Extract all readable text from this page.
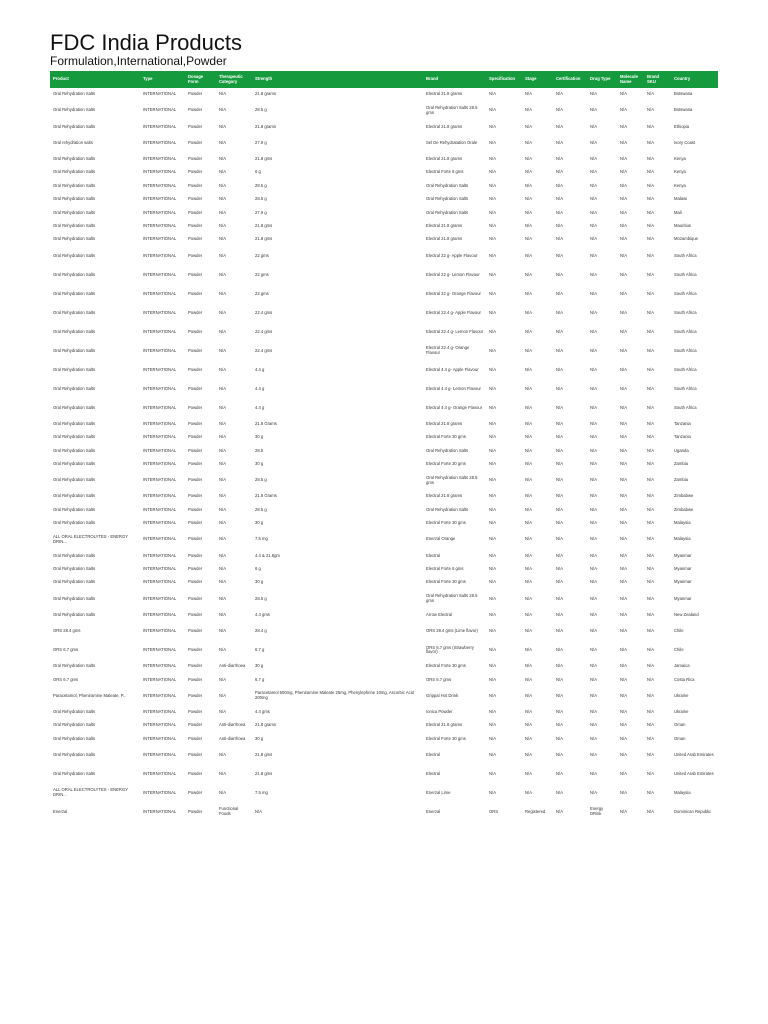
FDC India Products
Formulation,International,Powder
Product	Type	Dosage Form	Therapeutic Category	Strength	Brand	Specification	Stage	Certification	Drug Type	Molecule Name	Brand SKU	Country
Oral Rehydration Salts	INTERNATIONAL	Powder	N/A	21.8 grams	Electral 21.8 grams	N/A	N/A	N/A	N/A	N/A	N/A	Botswana
Oral Rehydration Salts	INTERNATIONAL	Powder	N/A	28.5 g	Oral Rehydration Salts 28.5 gms	N/A	N/A	N/A	N/A	N/A	N/A	Botswana
Oral Rehydration Salts	INTERNATIONAL	Powder	N/A	21.8 grams	Electral 21.8 grams	N/A	N/A	N/A	N/A	N/A	N/A	Ethiopia
Oral rehydration salts	INTERNATIONAL	Powder	N/A	27.9 g	Sel De Rehydratation Orale	N/A	N/A	N/A	N/A	N/A	N/A	Ivory Coast
Oral Rehydration Salts	INTERNATIONAL	Powder	N/A	21.8 gms	Electral 21.8 grams	N/A	N/A	N/A	N/A	N/A	N/A	Kenya
Oral Rehydration Salts	INTERNATIONAL	Powder	N/A	6 g	Electral Forte 6 gms	N/A	N/A	N/A	N/A	N/A	N/A	Kenya
Oral Rehydration Salts	INTERNATIONAL	Powder	N/A	28.5 g	Oral Rehydration Salts	N/A	N/A	N/A	N/A	N/A	N/A	Kenya
Oral Rehydration Salts	INTERNATIONAL	Powder	N/A	28.5 g	Oral Rehydration Salts	N/A	N/A	N/A	N/A	N/A	N/A	Malawi
Oral Rehydration Salts	INTERNATIONAL	Powder	N/A	27.9 g	Oral Rehydration Salts	N/A	N/A	N/A	N/A	N/A	N/A	Mali
Oral Rehydration Salts	INTERNATIONAL	Powder	N/A	21.8 gms	Electral 21.8 grams	N/A	N/A	N/A	N/A	N/A	N/A	Mauritius
Oral Rehydration Salts	INTERNATIONAL	Powder	N/A	21.8 gms	Electral 21.8 grams	N/A	N/A	N/A	N/A	N/A	N/A	Mozambique
Oral Rehydration Salts	INTERNATIONAL	Powder	N/A	22 gms	Electral 22 g- Apple Flavour	N/A	N/A	N/A	N/A	N/A	N/A	South Africa
Oral Rehydration Salts	INTERNATIONAL	Powder	N/A	22 gms	Electral 22 g- Lemon Flavour	N/A	N/A	N/A	N/A	N/A	N/A	South Africa
Oral Rehydration Salts	INTERNATIONAL	Powder	N/A	22 gms	Electral 22 g- Orange Flavour	N/A	N/A	N/A	N/A	N/A	N/A	South Africa
Oral Rehydration Salts	INTERNATIONAL	Powder	N/A	22.4 gms	Electral 22.4 g- Apple Flavour	N/A	N/A	N/A	N/A	N/A	N/A	South Africa
Oral Rehydration Salts	INTERNATIONAL	Powder	N/A	22.4 gms	Electral 22.4 g- Lemon Flavour	N/A	N/A	N/A	N/A	N/A	N/A	South Africa
Oral Rehydration Salts	INTERNATIONAL	Powder	N/A	22.4 gms	Electral 22.4 g- Orange Flavour	N/A	N/A	N/A	N/A	N/A	N/A	South Africa
Oral Rehydration Salts	INTERNATIONAL	Powder	N/A	4.4 g	Electral 4.4 g- Apple Flavour	N/A	N/A	N/A	N/A	N/A	N/A	South Africa
Oral Rehydration Salts	INTERNATIONAL	Powder	N/A	4.4 g	Electral 4.4 g- Lemon Flavour	N/A	N/A	N/A	N/A	N/A	N/A	South Africa
Oral Rehydration Salts	INTERNATIONAL	Powder	N/A	4.4 g	Electral 4.4 g- Orange Flavour	N/A	N/A	N/A	N/A	N/A	N/A	South Africa
Oral Rehydration Salts	INTERNATIONAL	Powder	N/A	21.8 Grams	Electral 21.8 grams	N/A	N/A	N/A	N/A	N/A	N/A	Tanzania
Oral Rehydration Salts	INTERNATIONAL	Powder	N/A	30 g	Electral Forte 30 gms	N/A	N/A	N/A	N/A	N/A	N/A	Tanzania
Oral Rehydration Salts	INTERNATIONAL	Powder	N/A	28.5	Oral Rehydration Salts	N/A	N/A	N/A	N/A	N/A	N/A	Uganda
Oral Rehydration Salts	INTERNATIONAL	Powder	N/A	30 g	Electral Forte 30 gms	N/A	N/A	N/A	N/A	N/A	N/A	Zambia
Oral Rehydration Salts	INTERNATIONAL	Powder	N/A	28.5 g	Oral Rehydration Salts 28.5 gms	N/A	N/A	N/A	N/A	N/A	N/A	Zambia
Oral Rehydration Salts	INTERNATIONAL	Powder	N/A	21.8 Grams	Electral 21.8 grams	N/A	N/A	N/A	N/A	N/A	N/A	Zimbabwe
Oral Rehydration Salts	INTERNATIONAL	Powder	N/A	28.5 g	Oral Rehydration Salts	N/A	N/A	N/A	N/A	N/A	N/A	Zimbabwe
Oral Rehydration Salts	INTERNATIONAL	Powder	N/A	30 g	Electral Forte 30 gms	N/A	N/A	N/A	N/A	N/A	N/A	Malaysia
ALL ORAL ELECTROLYTES - ENERGY DRIN...	INTERNATIONAL	Powder	N/A	7.5 mg	Enerzal Orange	N/A	N/A	N/A	N/A	N/A	N/A	Malaysia
Oral Rehydration Salts	INTERNATIONAL	Powder	N/A	4.4 & 21.8gm	Electral	N/A	N/A	N/A	N/A	N/A	N/A	Myanmar
Oral Rehydration Salts	INTERNATIONAL	Powder	N/A	6 g	Electral Forte 6 gms	N/A	N/A	N/A	N/A	N/A	N/A	Myanmar
Oral Rehydration Salts	INTERNATIONAL	Powder	N/A	30 g	Electral Forte 30 gms	N/A	N/A	N/A	N/A	N/A	N/A	Myanmar
Oral Rehydration Salts	INTERNATIONAL	Powder	N/A	28.5 g	Oral Rehydration Salts 28.5 gms	N/A	N/A	N/A	N/A	N/A	N/A	Myanmar
Oral Rehydration Salts	INTERNATIONAL	Powder	N/A	4.4 gms	Arrow Electral	N/A	N/A	N/A	N/A	N/A	N/A	New Zealand
ORS 28.4 gms	INTERNATIONAL	Powder	N/A	28.4 g	ORS 28.4 gms (Lime flavor)	N/A	N/A	N/A	N/A	N/A	N/A	Chile
ORS 6.7 gms	INTERNATIONAL	Powder	N/A	6.7 g	ORS 6.7 gms (Strawberry flavor)	N/A	N/A	N/A	N/A	N/A	N/A	Chile
Oral Rehydration Salts	INTERNATIONAL	Powder	Anti-diarrhoea	30 g	Electral Forte 30 gms	N/A	N/A	N/A	N/A	N/A	N/A	Jamaica
ORS 6.7 gms	INTERNATIONAL	Powder	N/A	6.7 g	ORS 6.7 gms	N/A	N/A	N/A	N/A	N/A	N/A	Costa Rica
Paracetamol, Pheniramine Maleate, P...	INTERNATIONAL	Powder	N/A	Paracetamol 500mg, Pheniramine Maleate 25mg, Phenylephrine 10mg, Ascorbic Acid 200mg	Grippal Hot Drink	N/A	N/A	N/A	N/A	N/A	N/A	Ukraine
Oral Rehydration Salts	INTERNATIONAL	Powder	N/A	4.4 gms	Ionica Powder	N/A	N/A	N/A	N/A	N/A	N/A	Ukraine
Oral Rehydration Salts	INTERNATIONAL	Powder	Anti-diarrhoea	21.8 grams	Electral 21.8 grams	N/A	N/A	N/A	N/A	N/A	N/A	Oman
Oral Rehydration Salts	INTERNATIONAL	Powder	Anti-diarrhoea	30 g	Electral Forte 30 gms	N/A	N/A	N/A	N/A	N/A	N/A	Oman
Oral Rehydration Salts	INTERNATIONAL	Powder	N/A	21.8 gms	Electral	N/A	N/A	N/A	N/A	N/A	N/A	United Arab Emirates
Oral Rehydration Salts	INTERNATIONAL	Powder	N/A	21.8 gms	Electral	N/A	N/A	N/A	N/A	N/A	N/A	United Arab Emirates
ALL ORAL ELECTROLYTES - ENERGY DRIN...	INTERNATIONAL	Powder	N/A	7.5 mg	Enerzal Lime	N/A	N/A	N/A	N/A	N/A	N/A	Malaysia
Enerzal	INTERNATIONAL	Powder	Functional Foods	N/A	Enerzal	ORS	Registered	N/A	Energy DRink	N/A	N/A	Dominican Republic
